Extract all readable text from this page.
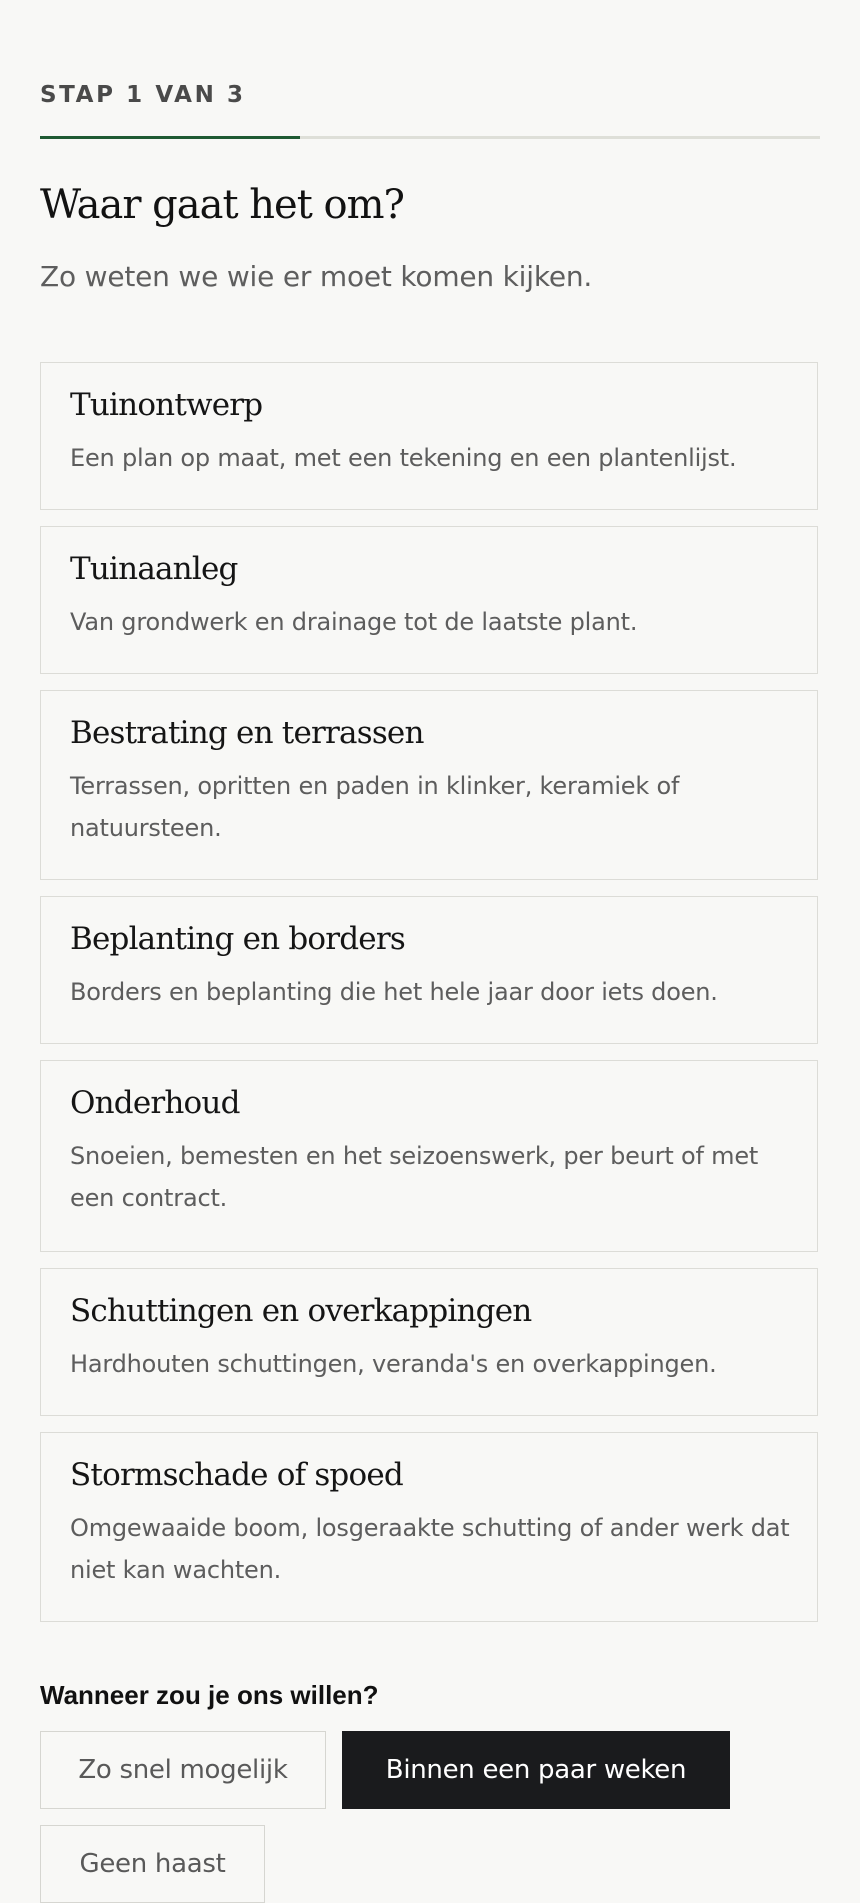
STAP 1 VAN 3
Waar gaat het om?
Zo weten we wie er moet komen kijken.
Tuinontwerp
Een plan op maat, met een tekening en een plantenlijst.
Tuinaanleg
Van grondwerk en drainage tot de laatste plant.
Bestrating en terrassen
Terrassen, opritten en paden in klinker, keramiek of natuursteen.
Beplanting en borders
Borders en beplanting die het hele jaar door iets doen.
Onderhoud
Snoeien, bemesten en het seizoenswerk, per beurt of met een contract.
Schuttingen en overkappingen
Hardhouten schuttingen, veranda's en overkappingen.
Stormschade of spoed
Omgewaaide boom, losgeraakte schutting of ander werk dat niet kan wachten.
Wanneer zou je ons willen?
Zo snel mogelijk	Binnen een paar weken
Geen haast
